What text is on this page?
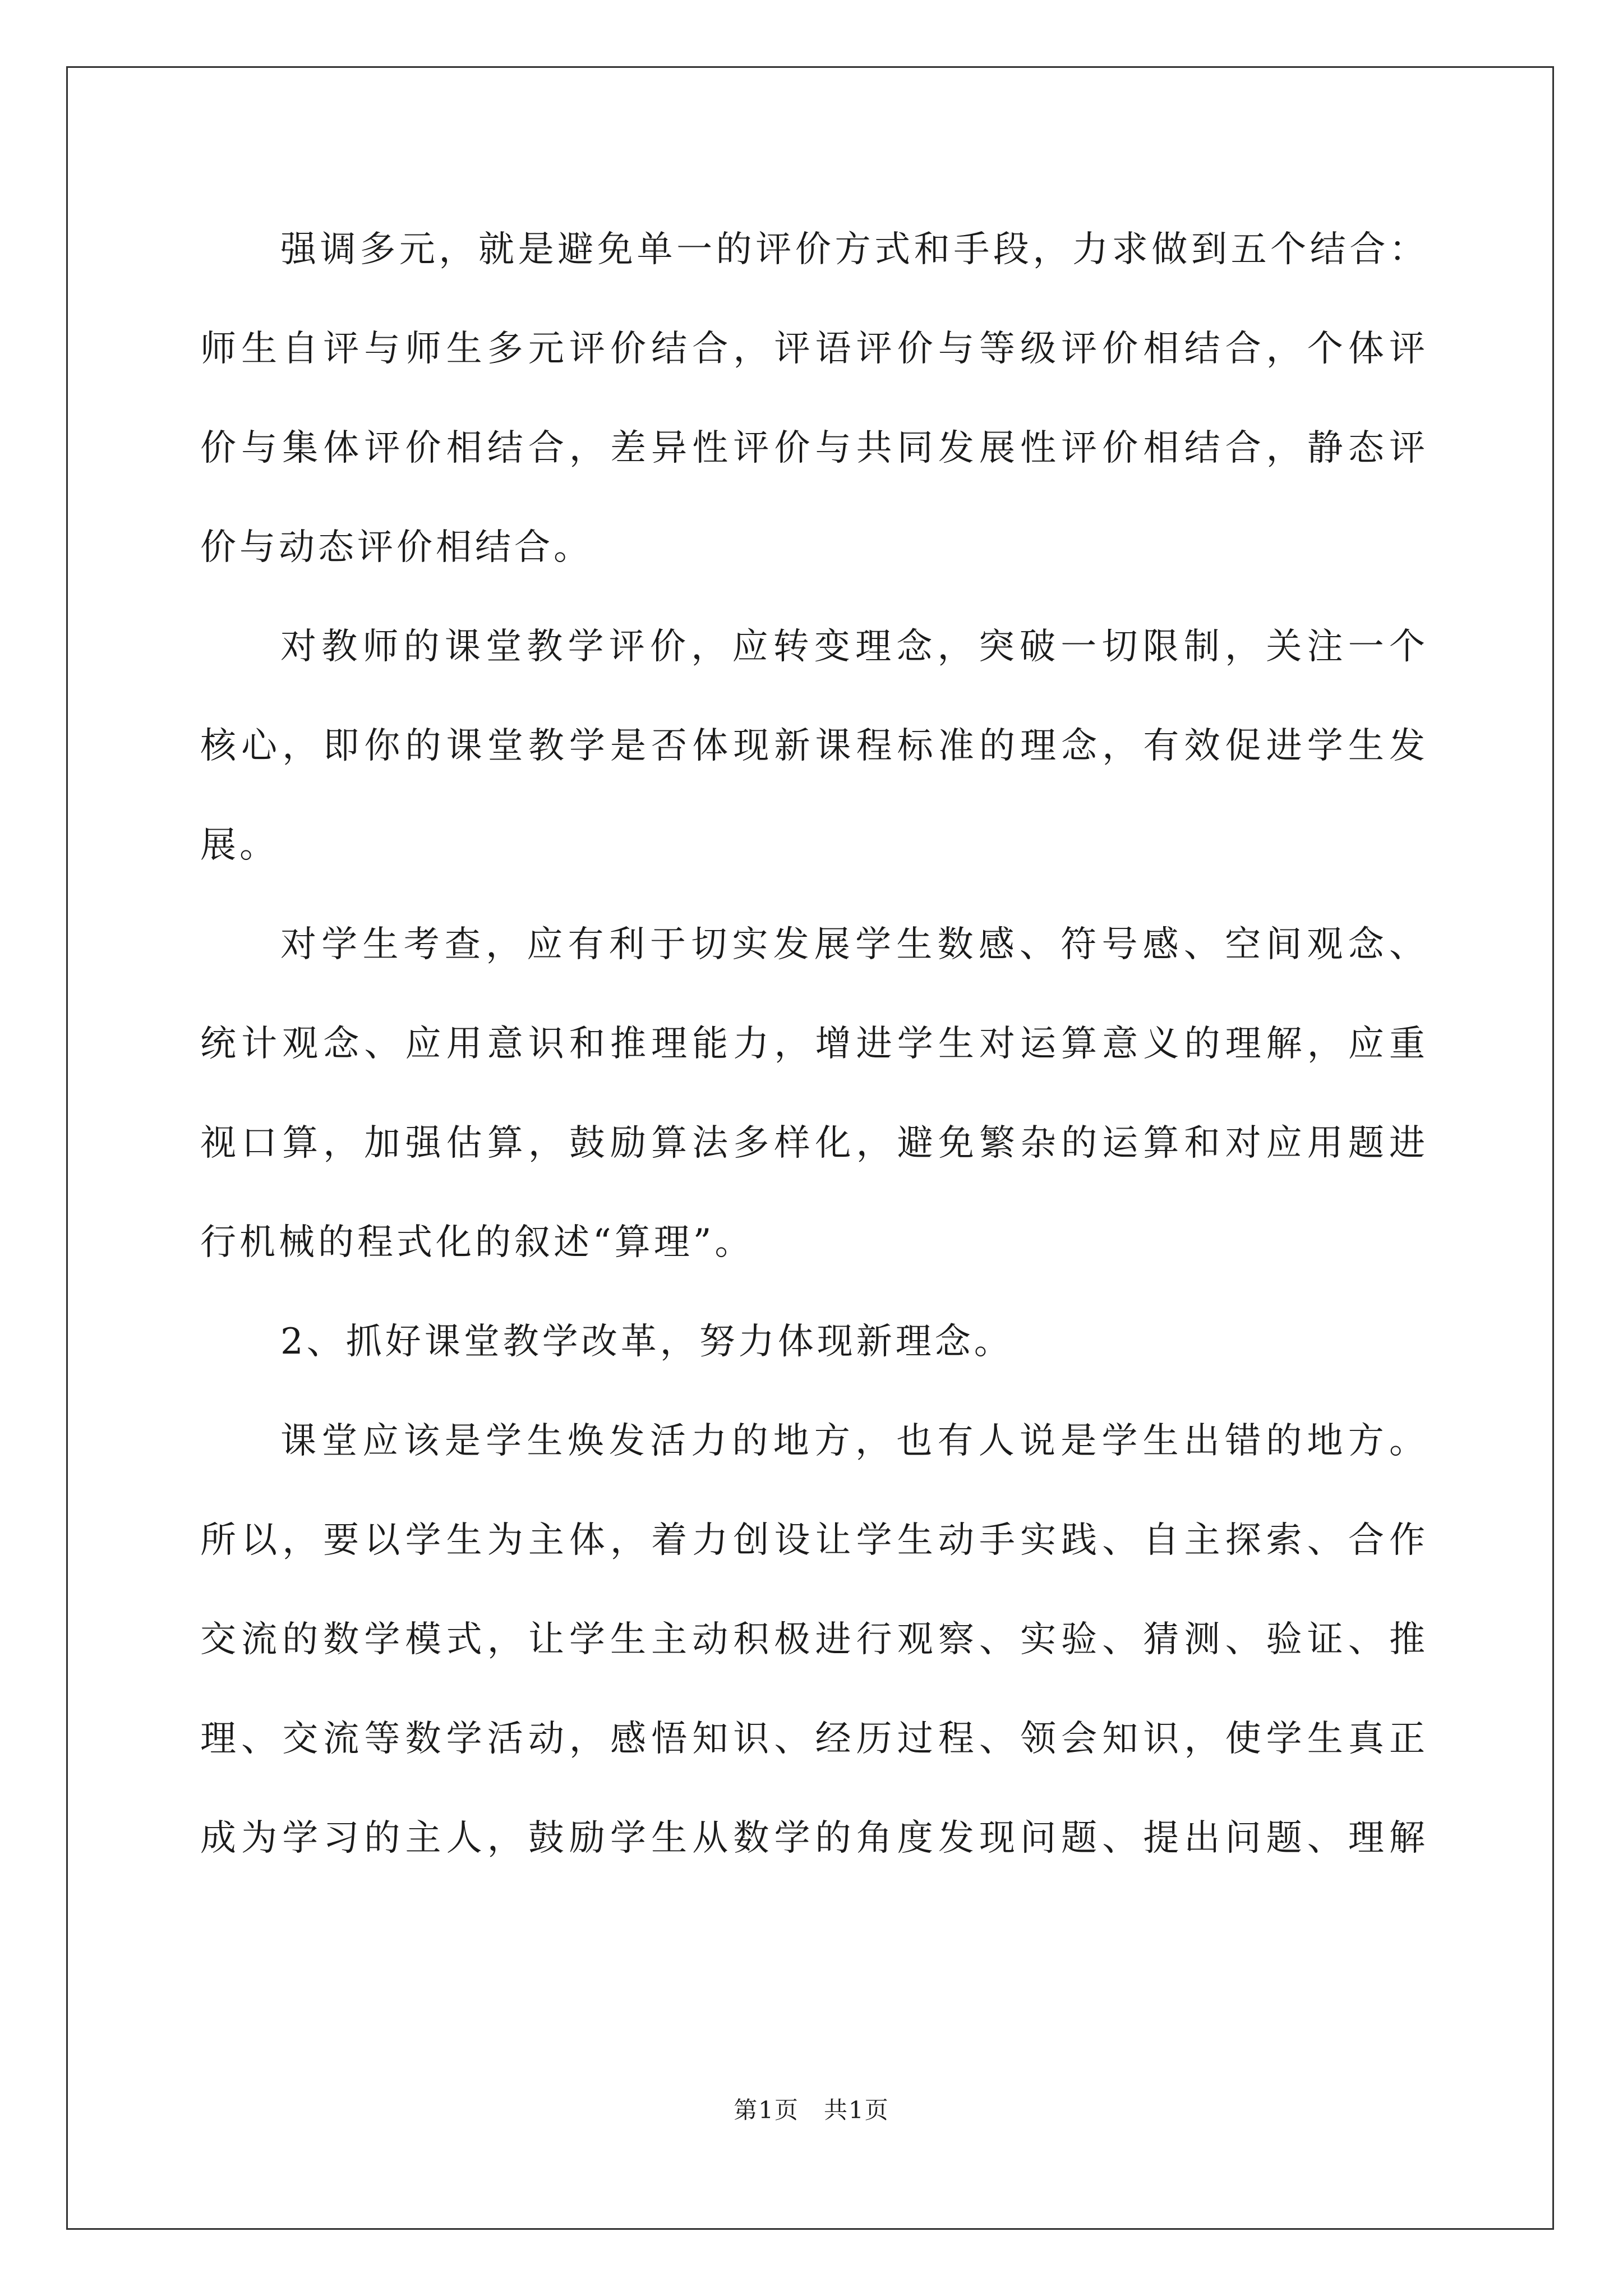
强调多元，就是避免单一的评价方式和手段，力求做到五个结合：

师生自评与师生多元评价结合，评语评价与等级评价相结合，个体评

价与集体评价相结合，差异性评价与共同发展性评价相结合，静态评

价与动态评价相结合。

对教师的课堂教学评价，应转变理念，突破一切限制，关注一个

核心，即你的课堂教学是否体现新课程标准的理念，有效促进学生发

展。

对学生考查，应有利于切实发展学生数感、符号感、空间观念、

统计观念、应用意识和推理能力，增进学生对运算意义的理解，应重

视口算，加强估算，鼓励算法多样化，避免繁杂的运算和对应用题进

行机械的程式化的叙述“算理”。

2、抓好课堂教学改革，努力体现新理念。

课堂应该是学生焕发活力的地方，也有人说是学生出错的地方。

所以，要以学生为主体，着力创设让学生动手实践、自主探索、合作

交流的数学模式，让学生主动积极进行观察、实验、猜测、验证、推

理、交流等数学活动，感悟知识、经历过程、领会知识，使学生真正

成为学习的主人，鼓励学生从数学的角度发现问题、提出问题、理解

第1页　共1页
